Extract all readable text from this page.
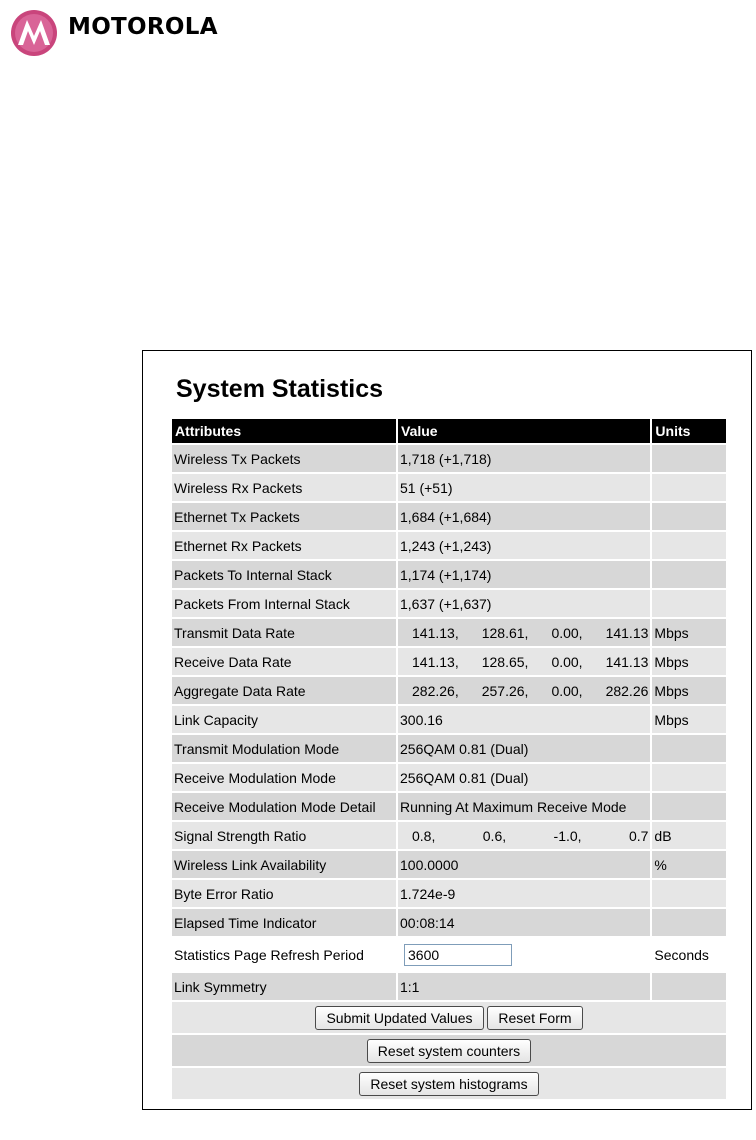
MOTOROLA
System Statistics
Attributes	Value	Units
Wireless Tx Packets	1,718 (+1,718)	
Wireless Rx Packets	51 (+51)	
Ethernet Tx Packets	1,684 (+1,684)	
Ethernet Rx Packets	1,243 (+1,243)	
Packets To Internal Stack	1,174 (+1,174)	
Packets From Internal Stack	1,637 (+1,637)	
Transmit Data Rate	141.13, 128.61, 0.00, 141.13	Mbps
Receive Data Rate	141.13, 128.65, 0.00, 141.13	Mbps
Aggregate Data Rate	282.26, 257.26, 0.00, 282.26	Mbps
Link Capacity	300.16	Mbps
Transmit Modulation Mode	256QAM 0.81 (Dual)	
Receive Modulation Mode	256QAM 0.81 (Dual)	
Receive Modulation Mode Detail	Running At Maximum Receive Mode	
Signal Strength Ratio	0.8, 0.6, -1.0, 0.7	dB
Wireless Link Availability	100.0000	%
Byte Error Ratio	1.724e-9	
Elapsed Time Indicator	00:08:14	
Statistics Page Refresh Period	3600	Seconds
Link Symmetry	1:1	
Submit Updated Values Reset Form		
Reset system counters		
Reset system histograms		
